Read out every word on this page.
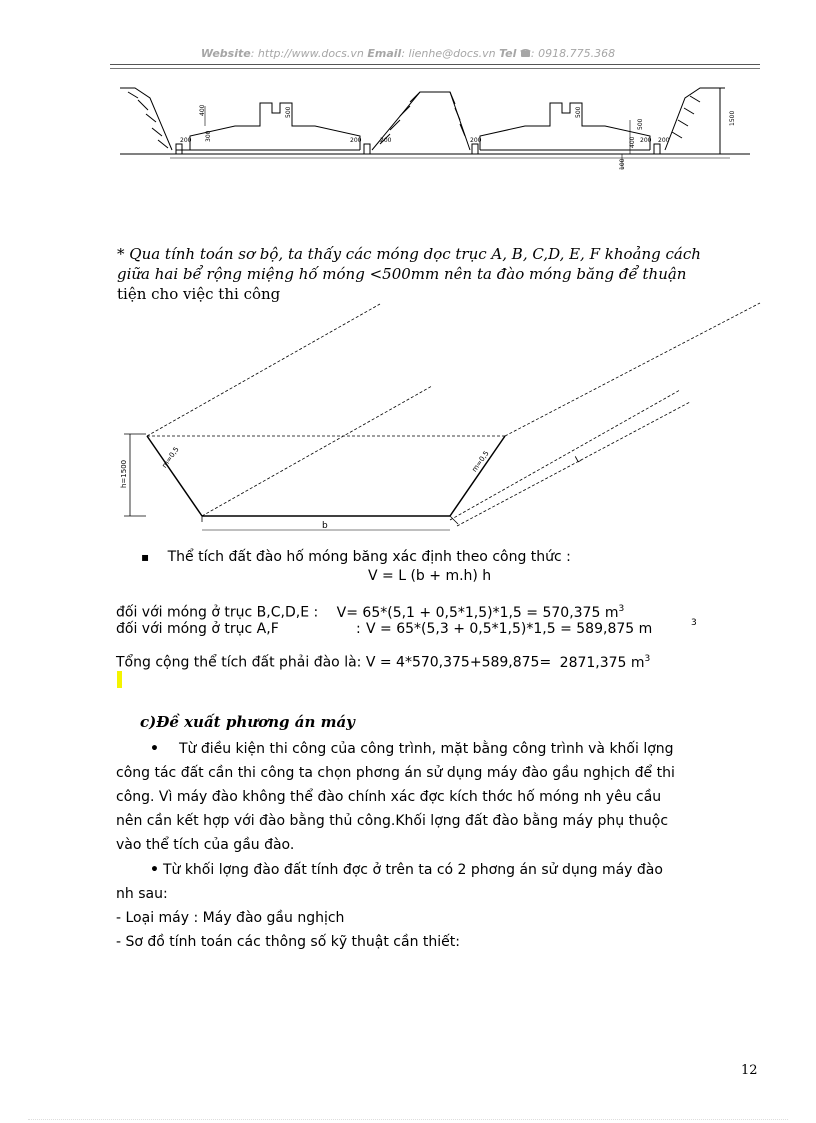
Website: http://www.docs.vn Email: lienhe@docs.vn Tel : 0918.775.368
200
400
300	200
500
200	200
500
200
400
500
200
1500
100
* Qua tính toán sơ bộ, ta thấy các móng dọc trục A, B, C,D, E, F khoảng cách
giữa hai bể rộng miệng hố móng <500mm nên ta đào móng băng để thuận
tiện cho việc thi công
h=1500
m=0,5	m=0,5
b
L
▪ Thể tích đất đào hố móng băng xác định theo công thức :
V = L (b + m.h) h
đối với móng ở trục B,C,D,E : V= 65*(5,1 + 0,5*1,5)*1,5 = 570,375 $m^3$
đối với móng ở trục A,F	: V = 65*(5,3 + 0,5*1,5)*1,5 = 589,875 m	3
Tổng cộng thể tích đất phải đào là: V = 4*570,375+589,875= 2871,375 $m^3$
c)Đề xuất phương án máy
• Từ điều kiện thi công của công trình, mặt bằng công trình và khối lợng
công tác đất cần thi công ta chọn phơng án sử dụng máy đào gầu nghịch để thi
công. Vì máy đào không thể đào chính xác đợc kích thớc hố móng nh yêu cầu
nên cần kết hợp với đào bằng thủ công.Khối lợng đất đào bằng máy phụ thuộc
vào thể tích của gầu đào.
• Từ khối lợng đào đất tính đợc ở trên ta có 2 phơng án sử dụng máy đào
nh sau:
- Loại máy : Máy đào gầu nghịch
- Sơ đồ tính toán các thông số kỹ thuật cần thiết:
12
